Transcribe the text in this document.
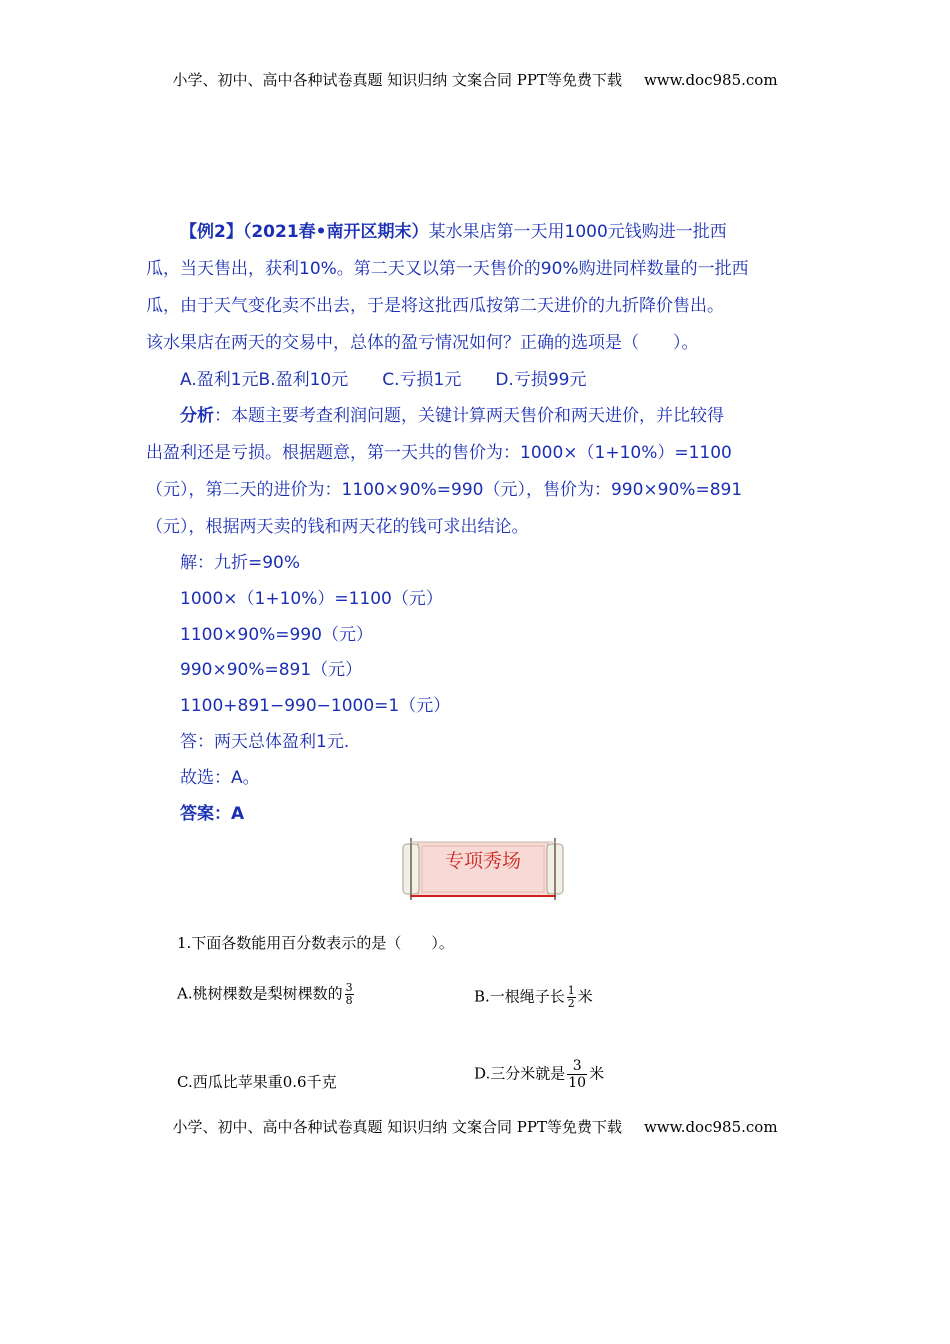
小学、初中、高中各种试卷真题 知识归纳 文案合同 PPT等免费下载 www.doc985.com
【例2】（2021春•南开区期末）某水果店第一天用1000元钱购进一批西
瓜，当天售出，获利10%。第二天又以第一天售价的90%购进同样数量的一批西
瓜，由于天气变化卖不出去，于是将这批西瓜按第二天进价的九折降价售出。
该水果店在两天的交易中，总体的盈亏情况如何？正确的选项是（　　）。
A.盈利1元B.盈利10元　　C.亏损1元　　D.亏损99元
分析：本题主要考查利润问题，关键计算两天售价和两天进价，并比较得
出盈利还是亏损。根据题意，第一天共的售价为：1000×（1+10%）=1100
（元），第二天的进价为：1100×90%=990（元），售价为：990×90%=891
（元），根据两天卖的钱和两天花的钱可求出结论。
解：九折=90%
1000×（1+10%）=1100（元）
1100×90%=990（元）
990×90%=891（元）
1100+891−990−1000=1（元）
答：两天总体盈利1元.
故选：A。
答案：A
专项秀场
1.下面各数能用百分数表示的是（　　）。
A.桃树棵数是梨树棵数的 $\frac{3}{8}$	B.一根绳子长 $\frac{1}{2}$ 米
C.西瓜比苹果重0.6千克	D.三分米就是 $\frac{3}{10}$ 米
小学、初中、高中各种试卷真题 知识归纳 文案合同 PPT等免费下载 www.doc985.com
